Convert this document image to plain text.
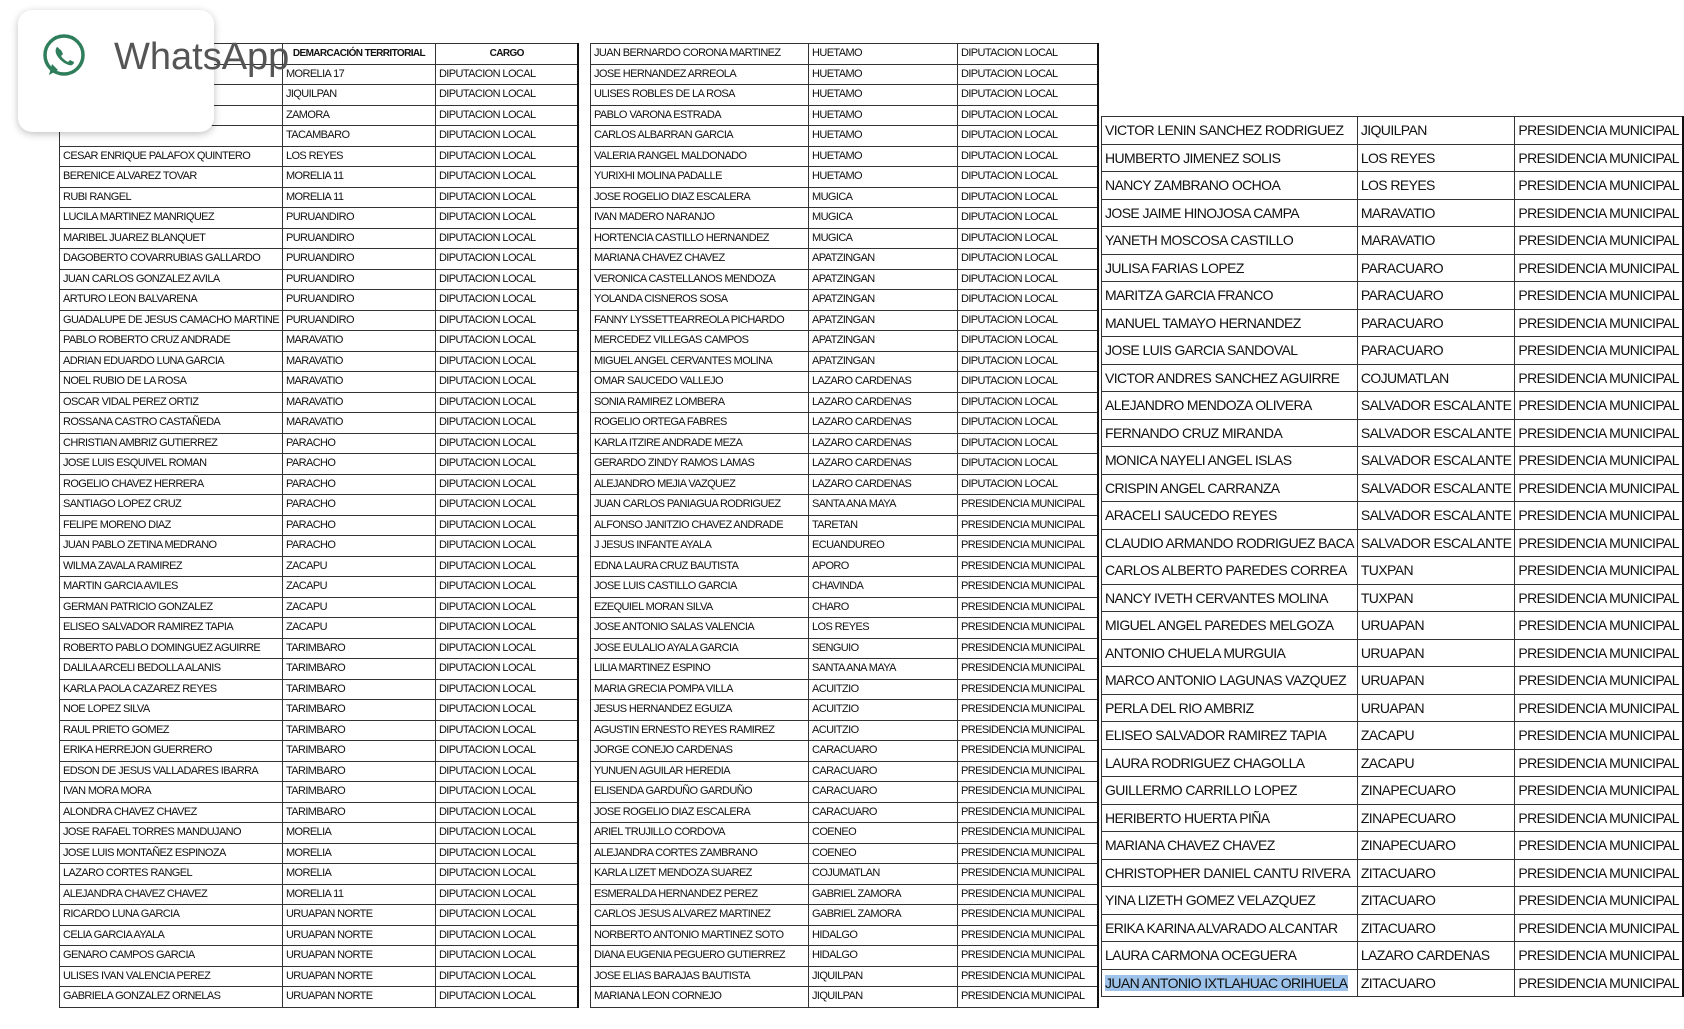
	DEMARCACIÓN TERRITORIAL	CARGO
	MORELIA 17	DIPUTACION LOCAL
	JIQUILPAN	DIPUTACION LOCAL
	ZAMORA	DIPUTACION LOCAL
	TACAMBARO	DIPUTACION LOCAL
CESAR ENRIQUE PALAFOX QUINTERO	LOS REYES	DIPUTACION LOCAL
BERENICE ALVAREZ TOVAR	MORELIA 11	DIPUTACION LOCAL
RUBI RANGEL	MORELIA 11	DIPUTACION LOCAL
LUCILA MARTINEZ MANRIQUEZ	PURUANDIRO	DIPUTACION LOCAL
MARIBEL JUAREZ BLANQUET	PURUANDIRO	DIPUTACION LOCAL
DAGOBERTO COVARRUBIAS GALLARDO	PURUANDIRO	DIPUTACION LOCAL
JUAN CARLOS GONZALEZ AVILA	PURUANDIRO	DIPUTACION LOCAL
ARTURO LEON BALVARENA	PURUANDIRO	DIPUTACION LOCAL
GUADALUPE DE JESUS CAMACHO MARTINE	PURUANDIRO	DIPUTACION LOCAL
PABLO ROBERTO CRUZ ANDRADE	MARAVATIO	DIPUTACION LOCAL
ADRIAN EDUARDO LUNA GARCIA	MARAVATIO	DIPUTACION LOCAL
NOEL RUBIO DE LA ROSA	MARAVATIO	DIPUTACION LOCAL
OSCAR VIDAL PEREZ ORTIZ	MARAVATIO	DIPUTACION LOCAL
ROSSANA CASTRO CASTAÑEDA	MARAVATIO	DIPUTACION LOCAL
CHRISTIAN AMBRIZ GUTIERREZ	PARACHO	DIPUTACION LOCAL
JOSE LUIS ESQUIVEL ROMAN	PARACHO	DIPUTACION LOCAL
ROGELIO CHAVEZ HERRERA	PARACHO	DIPUTACION LOCAL
SANTIAGO LOPEZ CRUZ	PARACHO	DIPUTACION LOCAL
FELIPE MORENO DIAZ	PARACHO	DIPUTACION LOCAL
JUAN PABLO ZETINA MEDRANO	PARACHO	DIPUTACION LOCAL
WILMA ZAVALA RAMIREZ	ZACAPU	DIPUTACION LOCAL
MARTIN GARCIA AVILES	ZACAPU	DIPUTACION LOCAL
GERMAN PATRICIO GONZALEZ	ZACAPU	DIPUTACION LOCAL
ELISEO SALVADOR RAMIREZ TAPIA	ZACAPU	DIPUTACION LOCAL
ROBERTO PABLO DOMINGUEZ AGUIRRE	TARIMBARO	DIPUTACION LOCAL
DALILA ARCELI BEDOLLA ALANIS	TARIMBARO	DIPUTACION LOCAL
KARLA PAOLA CAZAREZ REYES	TARIMBARO	DIPUTACION LOCAL
NOE LOPEZ SILVA	TARIMBARO	DIPUTACION LOCAL
RAUL PRIETO GOMEZ	TARIMBARO	DIPUTACION LOCAL
ERIKA HERREJON GUERRERO	TARIMBARO	DIPUTACION LOCAL
EDSON DE JESUS VALLADARES IBARRA	TARIMBARO	DIPUTACION LOCAL
IVAN MORA MORA	TARIMBARO	DIPUTACION LOCAL
ALONDRA CHAVEZ CHAVEZ	TARIMBARO	DIPUTACION LOCAL
JOSE RAFAEL TORRES MANDUJANO	MORELIA	DIPUTACION LOCAL
JOSE LUIS MONTAÑEZ ESPINOZA	MORELIA	DIPUTACION LOCAL
LAZARO CORTES RANGEL	MORELIA	DIPUTACION LOCAL
ALEJANDRA CHAVEZ CHAVEZ	MORELIA 11	DIPUTACION LOCAL
RICARDO LUNA GARCIA	URUAPAN NORTE	DIPUTACION LOCAL
CELIA GARCIA AYALA	URUAPAN NORTE	DIPUTACION LOCAL
GENARO CAMPOS GARCIA	URUAPAN NORTE	DIPUTACION LOCAL
ULISES IVAN VALENCIA PEREZ	URUAPAN NORTE	DIPUTACION LOCAL
GABRIELA GONZALEZ ORNELAS	URUAPAN NORTE	DIPUTACION LOCAL
JUAN BERNARDO CORONA MARTINEZ	HUETAMO	DIPUTACION LOCAL
JOSE HERNANDEZ ARREOLA	HUETAMO	DIPUTACION LOCAL
ULISES ROBLES DE LA ROSA	HUETAMO	DIPUTACION LOCAL
PABLO VARONA ESTRADA	HUETAMO	DIPUTACION LOCAL
CARLOS ALBARRAN GARCIA	HUETAMO	DIPUTACION LOCAL
VALERIA RANGEL MALDONADO	HUETAMO	DIPUTACION LOCAL
YURIXHI MOLINA PADALLE	HUETAMO	DIPUTACION LOCAL
JOSE ROGELIO DIAZ ESCALERA	MUGICA	DIPUTACION LOCAL
IVAN MADERO NARANJO	MUGICA	DIPUTACION LOCAL
HORTENCIA CASTILLO HERNANDEZ	MUGICA	DIPUTACION LOCAL
MARIANA CHAVEZ CHAVEZ	APATZINGAN	DIPUTACION LOCAL
VERONICA CASTELLANOS MENDOZA	APATZINGAN	DIPUTACION LOCAL
YOLANDA CISNEROS SOSA	APATZINGAN	DIPUTACION LOCAL
FANNY LYSSETTEARREOLA PICHARDO	APATZINGAN	DIPUTACION LOCAL
MERCEDEZ VILLEGAS CAMPOS	APATZINGAN	DIPUTACION LOCAL
MIGUEL ANGEL CERVANTES MOLINA	APATZINGAN	DIPUTACION LOCAL
OMAR SAUCEDO VALLEJO	LAZARO CARDENAS	DIPUTACION LOCAL
SONIA RAMIREZ LOMBERA	LAZARO CARDENAS	DIPUTACION LOCAL
ROGELIO ORTEGA FABRES	LAZARO CARDENAS	DIPUTACION LOCAL
KARLA ITZIRE ANDRADE MEZA	LAZARO CARDENAS	DIPUTACION LOCAL
GERARDO ZINDY RAMOS LAMAS	LAZARO CARDENAS	DIPUTACION LOCAL
ALEJANDRO MEJIA VAZQUEZ	LAZARO CARDENAS	DIPUTACION LOCAL
JUAN CARLOS PANIAGUA RODRIGUEZ	SANTA ANA MAYA	PRESIDENCIA MUNICIPAL
ALFONSO JANITZIO CHAVEZ ANDRADE	TARETAN	PRESIDENCIA MUNICIPAL
J JESUS INFANTE AYALA	ECUANDUREO	PRESIDENCIA MUNICIPAL
EDNA LAURA CRUZ BAUTISTA	APORO	PRESIDENCIA MUNICIPAL
JOSE LUIS CASTILLO GARCIA	CHAVINDA	PRESIDENCIA MUNICIPAL
EZEQUIEL MORAN SILVA	CHARO	PRESIDENCIA MUNICIPAL
JOSE ANTONIO SALAS VALENCIA	LOS REYES	PRESIDENCIA MUNICIPAL
JOSE EULALIO AYALA GARCIA	SENGUIO	PRESIDENCIA MUNICIPAL
LILIA MARTINEZ ESPINO	SANTA ANA MAYA	PRESIDENCIA MUNICIPAL
MARIA GRECIA POMPA VILLA	ACUITZIO	PRESIDENCIA MUNICIPAL
JESUS HERNANDEZ EGUIZA	ACUITZIO	PRESIDENCIA MUNICIPAL
AGUSTIN ERNESTO REYES RAMIREZ	ACUITZIO	PRESIDENCIA MUNICIPAL
JORGE CONEJO CARDENAS	CARACUARO	PRESIDENCIA MUNICIPAL
YUNUEN AGUILAR HEREDIA	CARACUARO	PRESIDENCIA MUNICIPAL
ELISENDA GARDUÑO GARDUÑO	CARACUARO	PRESIDENCIA MUNICIPAL
JOSE ROGELIO DIAZ ESCALERA	CARACUARO	PRESIDENCIA MUNICIPAL
ARIEL TRUJILLO CORDOVA	COENEO	PRESIDENCIA MUNICIPAL
ALEJANDRA CORTES ZAMBRANO	COENEO	PRESIDENCIA MUNICIPAL
KARLA LIZET MENDOZA SUAREZ	COJUMATLAN	PRESIDENCIA MUNICIPAL
ESMERALDA HERNANDEZ PEREZ	GABRIEL ZAMORA	PRESIDENCIA MUNICIPAL
CARLOS JESUS ALVAREZ MARTINEZ	GABRIEL ZAMORA	PRESIDENCIA MUNICIPAL
NORBERTO ANTONIO MARTINEZ SOTO	HIDALGO	PRESIDENCIA MUNICIPAL
DIANA EUGENIA PEGUERO GUTIERREZ	HIDALGO	PRESIDENCIA MUNICIPAL
JOSE ELIAS BARAJAS BAUTISTA	JIQUILPAN	PRESIDENCIA MUNICIPAL
MARIANA LEON CORNEJO	JIQUILPAN	PRESIDENCIA MUNICIPAL
VICTOR LENIN SANCHEZ RODRIGUEZ	JIQUILPAN	PRESIDENCIA MUNICIPAL
HUMBERTO JIMENEZ SOLIS	LOS REYES	PRESIDENCIA MUNICIPAL
NANCY ZAMBRANO OCHOA	LOS REYES	PRESIDENCIA MUNICIPAL
JOSE JAIME HINOJOSA CAMPA	MARAVATIO	PRESIDENCIA MUNICIPAL
YANETH MOSCOSA CASTILLO	MARAVATIO	PRESIDENCIA MUNICIPAL
JULISA FARIAS LOPEZ	PARACUARO	PRESIDENCIA MUNICIPAL
MARITZA GARCIA FRANCO	PARACUARO	PRESIDENCIA MUNICIPAL
MANUEL TAMAYO HERNANDEZ	PARACUARO	PRESIDENCIA MUNICIPAL
JOSE LUIS GARCIA SANDOVAL	PARACUARO	PRESIDENCIA MUNICIPAL
VICTOR ANDRES SANCHEZ AGUIRRE	COJUMATLAN	PRESIDENCIA MUNICIPAL
ALEJANDRO MENDOZA OLIVERA	SALVADOR ESCALANTE	PRESIDENCIA MUNICIPAL
FERNANDO CRUZ MIRANDA	SALVADOR ESCALANTE	PRESIDENCIA MUNICIPAL
MONICA NAYELI ANGEL ISLAS	SALVADOR ESCALANTE	PRESIDENCIA MUNICIPAL
CRISPIN ANGEL CARRANZA	SALVADOR ESCALANTE	PRESIDENCIA MUNICIPAL
ARACELI SAUCEDO REYES	SALVADOR ESCALANTE	PRESIDENCIA MUNICIPAL
CLAUDIO ARMANDO RODRIGUEZ BACA	SALVADOR ESCALANTE	PRESIDENCIA MUNICIPAL
CARLOS ALBERTO PAREDES CORREA	TUXPAN	PRESIDENCIA MUNICIPAL
NANCY IVETH CERVANTES MOLINA	TUXPAN	PRESIDENCIA MUNICIPAL
MIGUEL ANGEL PAREDES MELGOZA	URUAPAN	PRESIDENCIA MUNICIPAL
ANTONIO CHUELA MURGUIA	URUAPAN	PRESIDENCIA MUNICIPAL
MARCO ANTONIO LAGUNAS VAZQUEZ	URUAPAN	PRESIDENCIA MUNICIPAL
PERLA DEL RIO AMBRIZ	URUAPAN	PRESIDENCIA MUNICIPAL
ELISEO SALVADOR RAMIREZ TAPIA	ZACAPU	PRESIDENCIA MUNICIPAL
LAURA RODRIGUEZ CHAGOLLA	ZACAPU	PRESIDENCIA MUNICIPAL
GUILLERMO CARRILLO LOPEZ	ZINAPECUARO	PRESIDENCIA MUNICIPAL
HERIBERTO HUERTA PIÑA	ZINAPECUARO	PRESIDENCIA MUNICIPAL
MARIANA CHAVEZ CHAVEZ	ZINAPECUARO	PRESIDENCIA MUNICIPAL
CHRISTOPHER DANIEL CANTU RIVERA	ZITACUARO	PRESIDENCIA MUNICIPAL
YINA LIZETH GOMEZ VELAZQUEZ	ZITACUARO	PRESIDENCIA MUNICIPAL
ERIKA KARINA ALVARADO ALCANTAR	ZITACUARO	PRESIDENCIA MUNICIPAL
LAURA CARMONA OCEGUERA	LAZARO CARDENAS	PRESIDENCIA MUNICIPAL
JUAN ANTONIO IXTLAHUAC ORIHUELA	ZITACUARO	PRESIDENCIA MUNICIPAL
WhatsApp
